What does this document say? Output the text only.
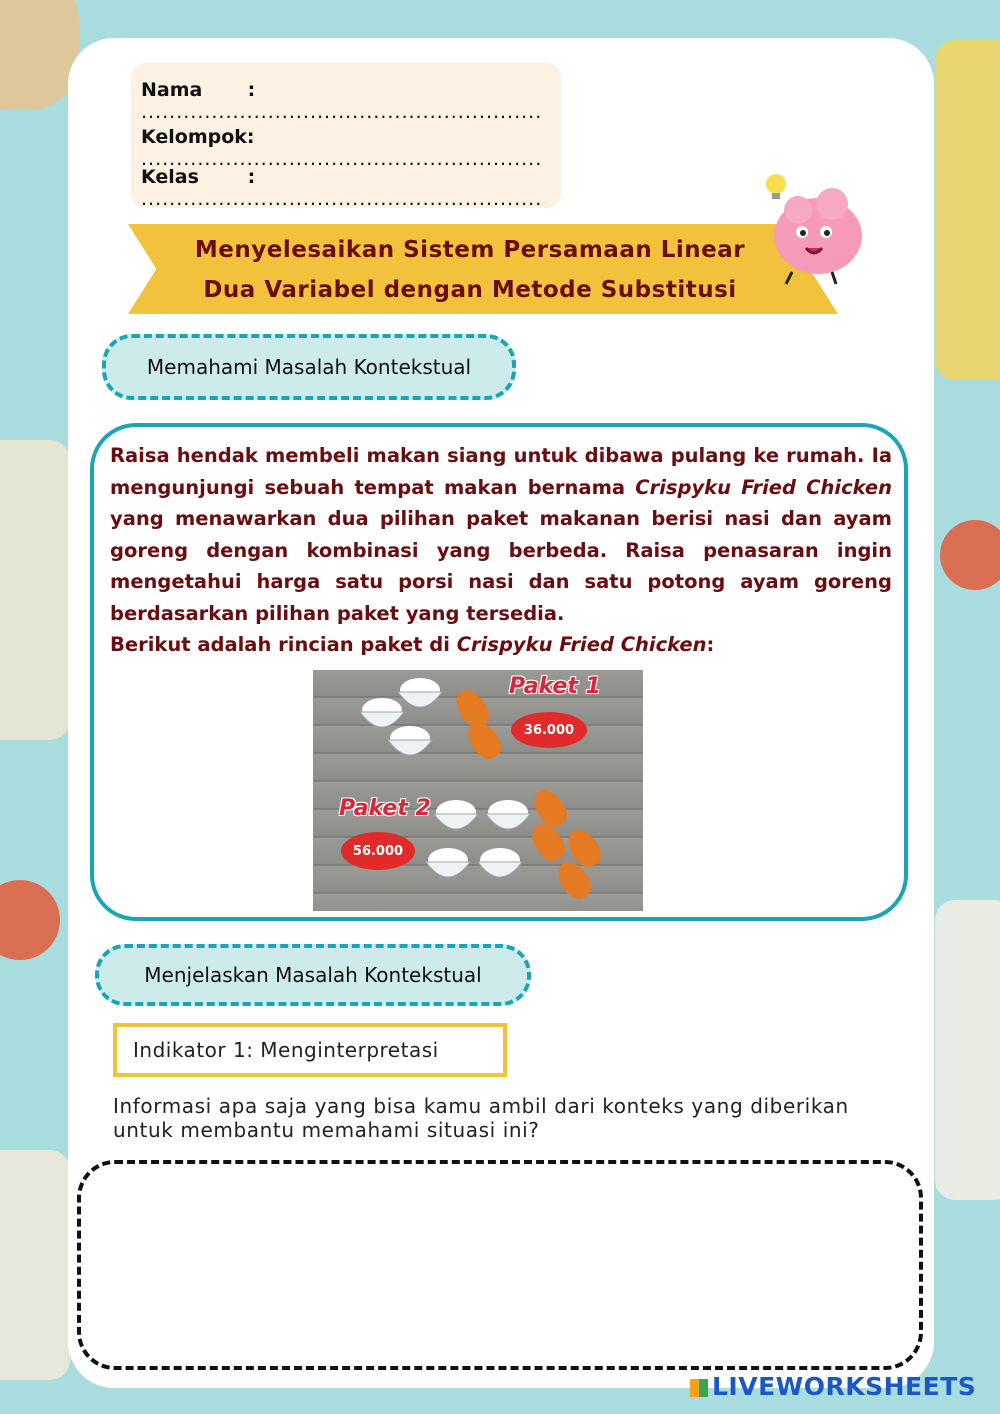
Nama : .........................................................
Kelompok: .........................................................
Kelas	: .........................................................
Menyelesaikan Sistem Persamaan Linear
Dua Variabel dengan Metode Substitusi
Memahami Masalah Kontekstual

Raisa hendak membeli makan siang untuk dibawa pulang ke rumah. Ia mengunjungi sebuah tempat makan bernama Crispyku Fried Chicken yang menawarkan dua pilihan paket makanan berisi nasi dan ayam goreng dengan kombinasi yang berbeda. Raisa penasaran ingin mengetahui harga satu porsi nasi dan satu potong ayam goreng berdasarkan pilihan paket yang tersedia.

Berikut adalah rincian paket di Crispyku Fried Chicken:

Paket 1
36.000
Paket 2
56.000
Menjelaskan Masalah Kontekstual
Indikator 1: Menginterpretasi
Informasi apa saja yang bisa kamu ambil dari konteks yang diberikan untuk membantu memahami situasi ini?
LIVEWORKSHEETS
